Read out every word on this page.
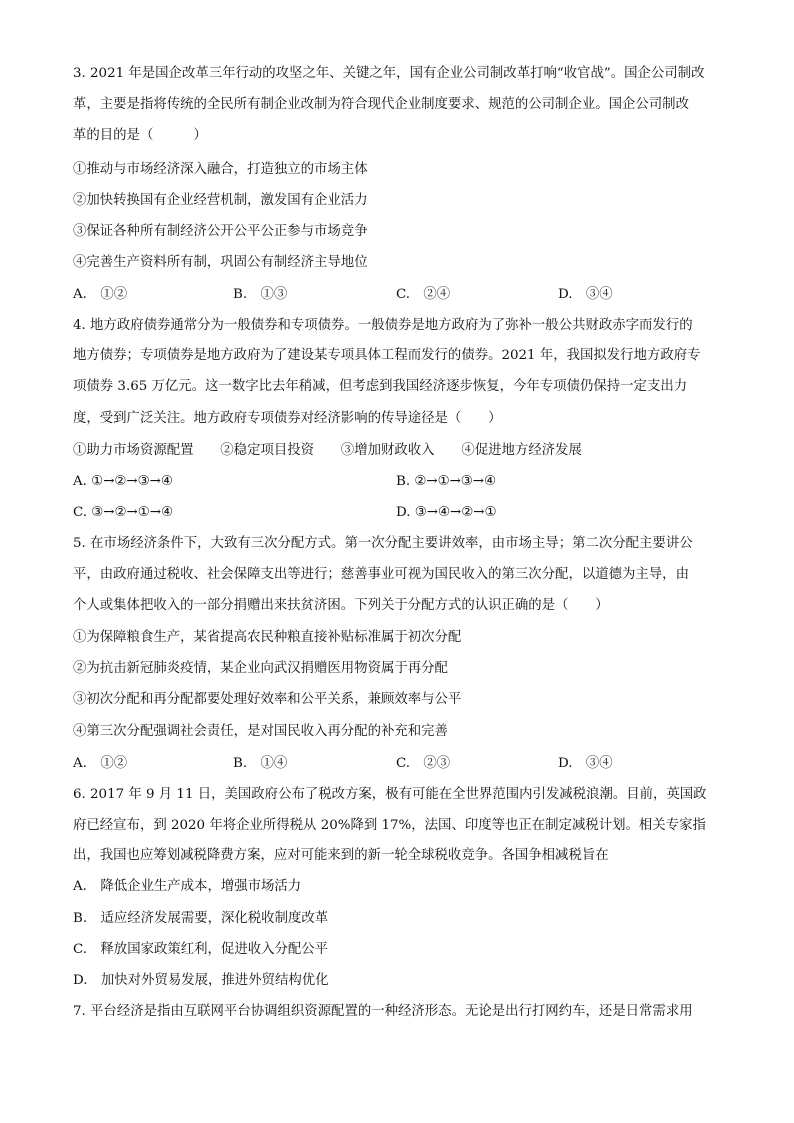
3. 2021 年是国企改革三年行动的攻坚之年、关键之年，国有企业公司制改革打响“收官战”。国企公司制改
革，主要是指将传统的全民所有制企业改制为符合现代企业制度要求、规范的公司制企业。国企公司制改
革的目的是（　　　）
①推动与市场经济深入融合，打造独立的市场主体
②加快转换国有企业经营机制，激发国有企业活力
③保证各种所有制经济公开公平公正参与市场竞争
④完善生产资料所有制，巩固公有制经济主导地位
A.　①②	B.　①③	C.　②④	D.　③④
4. 地方政府债券通常分为一般债券和专项债券。一般债券是地方政府为了弥补一般公共财政赤字而发行的
地方债券；专项债券是地方政府为了建设某专项具体工程而发行的债券。2021 年，我国拟发行地方政府专
项债券 3.65 万亿元。这一数字比去年稍减，但考虑到我国经济逐步恢复，今年专项债仍保持一定支出力
度，受到广泛关注。地方政府专项债券对经济影响的传导途径是（　　）
①助力市场资源配置　　②稳定项目投资　　③增加财政收入　　④促进地方经济发展
A. ①→②→③→④	B. ②→①→③→④
C. ③→②→①→④	D. ③→④→②→①
5. 在市场经济条件下，大致有三次分配方式。第一次分配主要讲效率，由市场主导；第二次分配主要讲公
平，由政府通过税收、社会保障支出等进行；慈善事业可视为国民收入的第三次分配，以道德为主导，由
个人或集体把收入的一部分捐赠出来扶贫济困。下列关于分配方式的认识正确的是（　　）
①为保障粮食生产，某省提高农民种粮直接补贴标准属于初次分配
②为抗击新冠肺炎疫情，某企业向武汉捐赠医用物资属于再分配
③初次分配和再分配都要处理好效率和公平关系，兼顾效率与公平
④第三次分配强调社会责任，是对国民收入再分配的补充和完善
A.　①②	B.　①④	C.　②③	D.　③④
6. 2017 年 9 月 11 日，美国政府公布了税改方案，极有可能在全世界范围内引发减税浪潮。目前，英国政
府已经宣布，到 2020 年将企业所得税从 20%降到 17%，法国、印度等也正在制定减税计划。相关专家指
出，我国也应筹划减税降费方案，应对可能来到的新一轮全球税收竞争。各国争相减税旨在
A.　降低企业生产成本，增强市场活力
B.　适应经济发展需要，深化税收制度改革
C.　释放国家政策红利，促进收入分配公平
D.　加快对外贸易发展，推进外贸结构优化
7. 平台经济是指由互联网平台协调组织资源配置的一种经济形态。无论是出行打网约车，还是日常需求用
